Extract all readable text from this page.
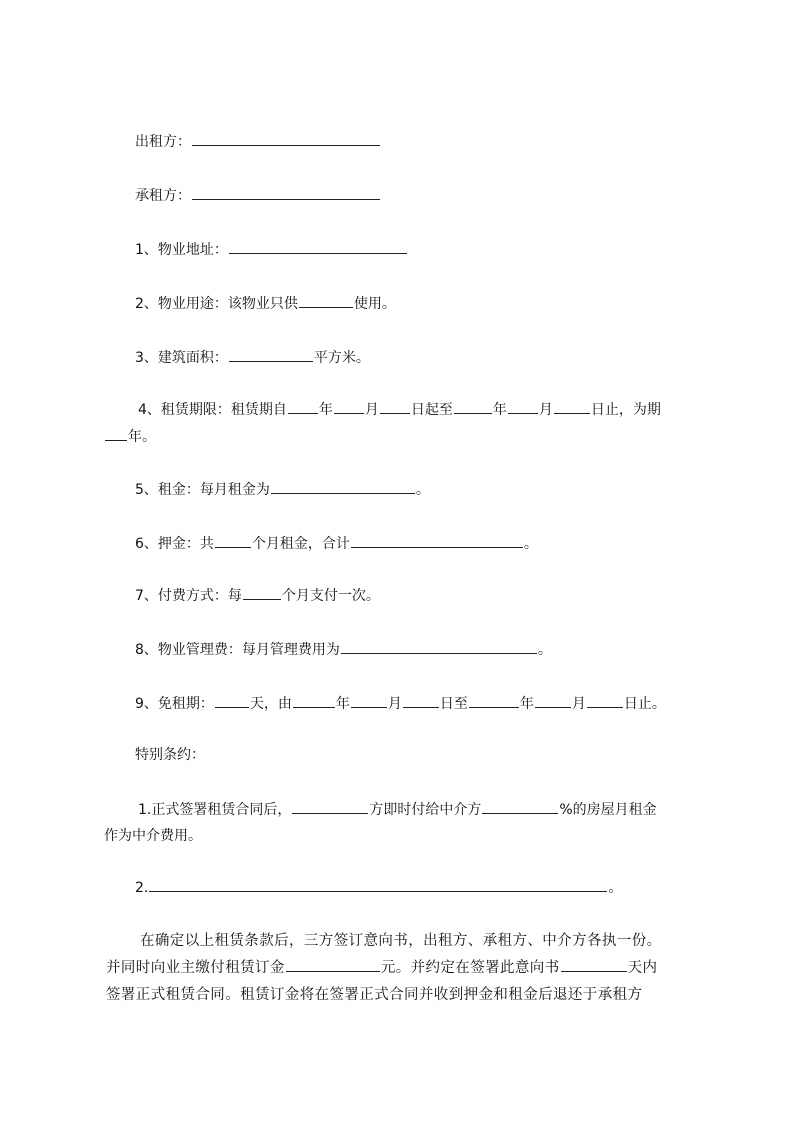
出租方：

承租方：

1、物业地址：

2、物业用途：该物业只供	使用。

3、建筑面积：	平方米。

4、租赁期限：租赁期自 年 月 日起至	年 月	日止，为期

年。

5、租金：每月租金为	。

6、押金：共	个月租金，合计	。

7、付费方式：每	个月支付一次。

8、物业管理费：每月管理费用为	。

9、免租期：	天，由	年	月	日至	年	月	日止。

特别条约：

1.正式签署租赁合同后，	方即时付给中介方	%的房屋月租金

作为中介费用。

2.	。

在确定以上租赁条款后，三方签订意向书，出租方、承租方、中介方各执一份。

并同时向业主缴付租赁订金	元。并约定在签署此意向书	天内

签署正式租赁合同。租赁订金将在签署正式合同并收到押金和租金后退还于承租方
